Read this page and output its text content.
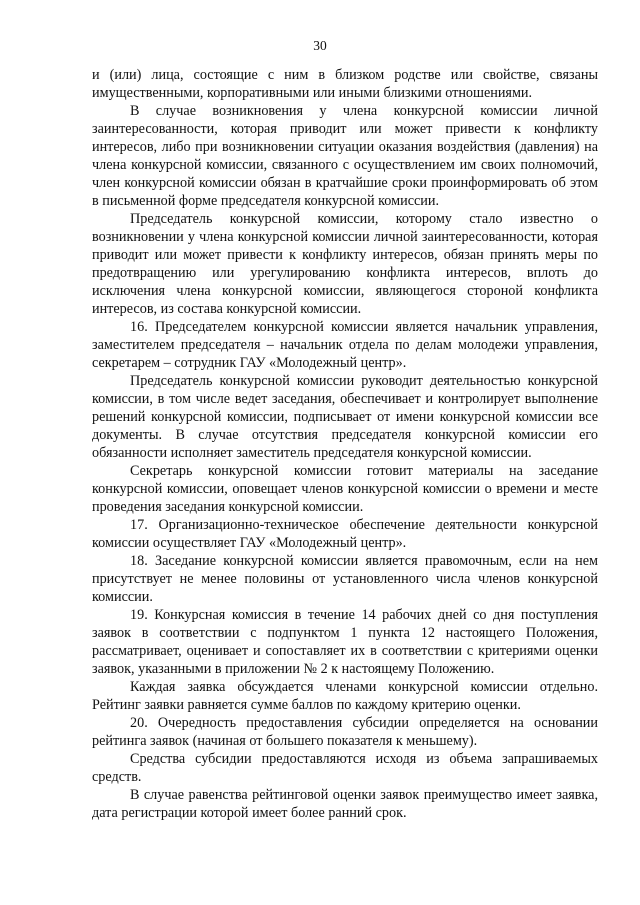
30

и (или) лица, состоящие с ним в близком родстве или свойстве, связаны имущественными, корпоративными или иными близкими отношениями.

В случае возникновения у члена конкурсной комиссии личной заинтересованности, которая приводит или может привести к конфликту интересов, либо при возникновении ситуации оказания воздействия (давления) на члена конкурсной комиссии, связанного с осуществлением им своих полномочий, член конкурсной комиссии обязан в кратчайшие сроки проинформировать об этом в письменной форме председателя конкурсной комиссии.

Председатель конкурсной комиссии, которому стало известно о возникновении у члена конкурсной комиссии личной заинтересованности, которая приводит или может привести к конфликту интересов, обязан принять меры по предотвращению или урегулированию конфликта интересов, вплоть до исключения члена конкурсной комиссии, являющегося стороной конфликта интересов, из состава конкурсной комиссии.

16. Председателем конкурсной комиссии является начальник управления, заместителем председателя – начальник отдела по делам молодежи управления, секретарем – сотрудник ГАУ «Молодежный центр».

Председатель конкурсной комиссии руководит деятельностью конкурсной комиссии, в том числе ведет заседания, обеспечивает и контролирует выполнение решений конкурсной комиссии, подписывает от имени конкурсной комиссии все документы. В случае отсутствия председателя конкурсной комиссии его обязанности исполняет заместитель председателя конкурсной комиссии.

Секретарь конкурсной комиссии готовит материалы на заседание конкурсной комиссии, оповещает членов конкурсной комиссии о времени и месте проведения заседания конкурсной комиссии.

17. Организационно-техническое обеспечение деятельности конкурсной комиссии осуществляет ГАУ «Молодежный центр».

18. Заседание конкурсной комиссии является правомочным, если на нем присутствует не менее половины от установленного числа членов конкурсной комиссии.

19. Конкурсная комиссия в течение 14 рабочих дней со дня поступления заявок в соответствии с подпунктом 1 пункта 12 настоящего Положения, рассматривает, оценивает и сопоставляет их в соответствии с критериями оценки заявок, указанными в приложении № 2 к настоящему Положению.

Каждая заявка обсуждается членами конкурсной комиссии отдельно. Рейтинг заявки равняется сумме баллов по каждому критерию оценки.

20. Очередность предоставления субсидии определяется на основании рейтинга заявок (начиная от большего показателя к меньшему).

Средства субсидии предоставляются исходя из объема запрашиваемых средств.

В случае равенства рейтинговой оценки заявок преимущество имеет заявка, дата регистрации которой имеет более ранний срок.
